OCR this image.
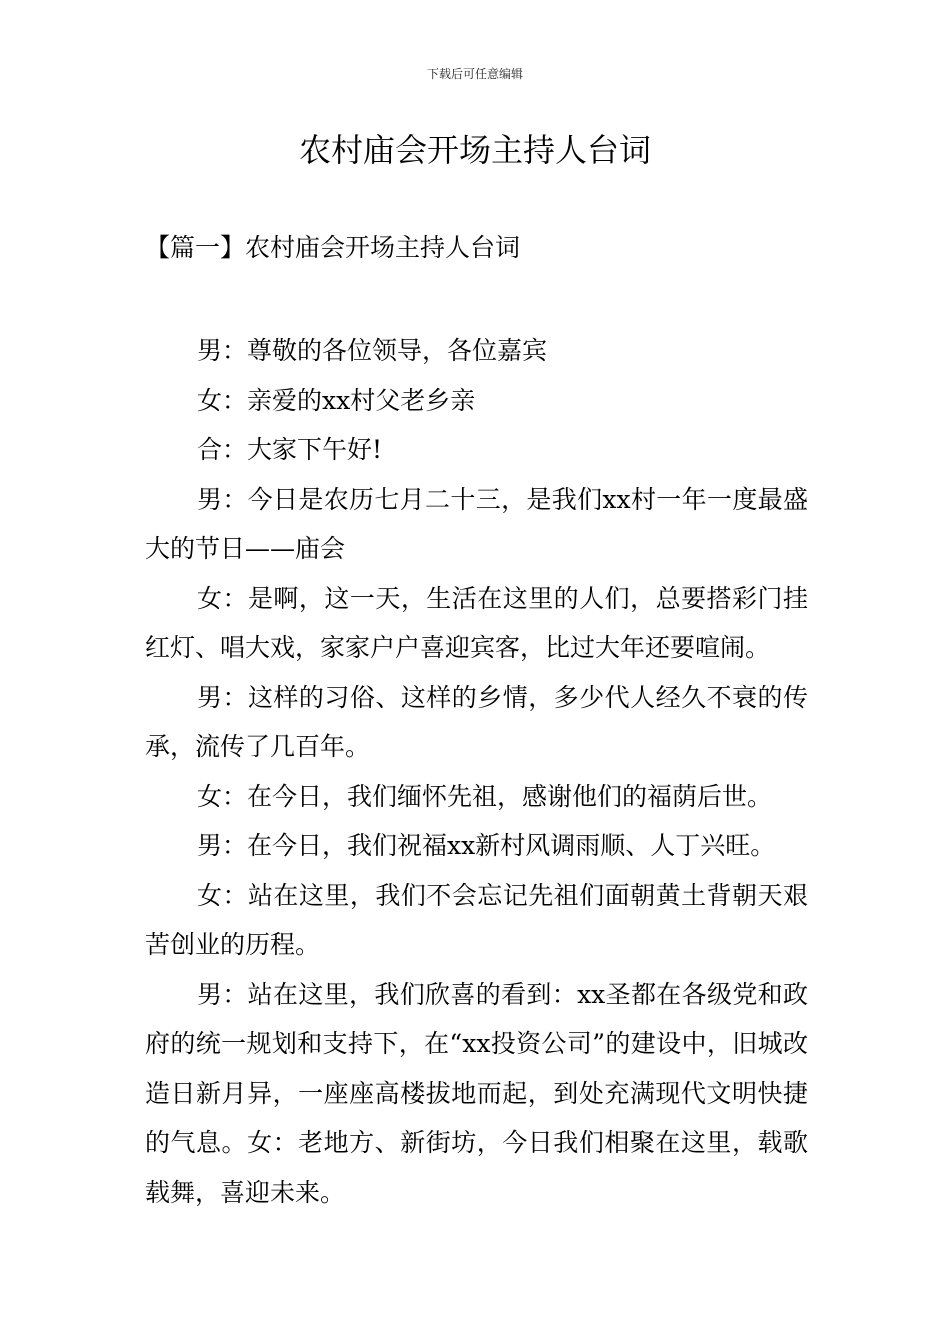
下载后可任意编辑
农村庙会开场主持人台词
【篇一】农村庙会开场主持人台词

男：尊敬的各位领导，各位嘉宾

女：亲爱的xx村父老乡亲

合：大家下午好!

男：今日是农历七月二十三，是我们xx村一年一度最盛大的节日——庙会

女：是啊，这一天，生活在这里的人们，总要搭彩门挂红灯、唱大戏，家家户户喜迎宾客，比过大年还要喧闹。

男：这样的习俗、这样的乡情，多少代人经久不衰的传承，流传了几百年。

女：在今日，我们缅怀先祖，感谢他们的福荫后世。

男：在今日，我们祝福xx新村风调雨顺、人丁兴旺。

女：站在这里，我们不会忘记先祖们面朝黄土背朝天艰苦创业的历程。

男：站在这里，我们欣喜的看到：xx圣都在各级党和政府的统一规划和支持下，在“xx投资公司”的建设中，旧城改造日新月异，一座座高楼拔地而起，到处充满现代文明快捷的气息。女：老地方、新街坊，今日我们相聚在这里，载歌载舞，喜迎未来。
